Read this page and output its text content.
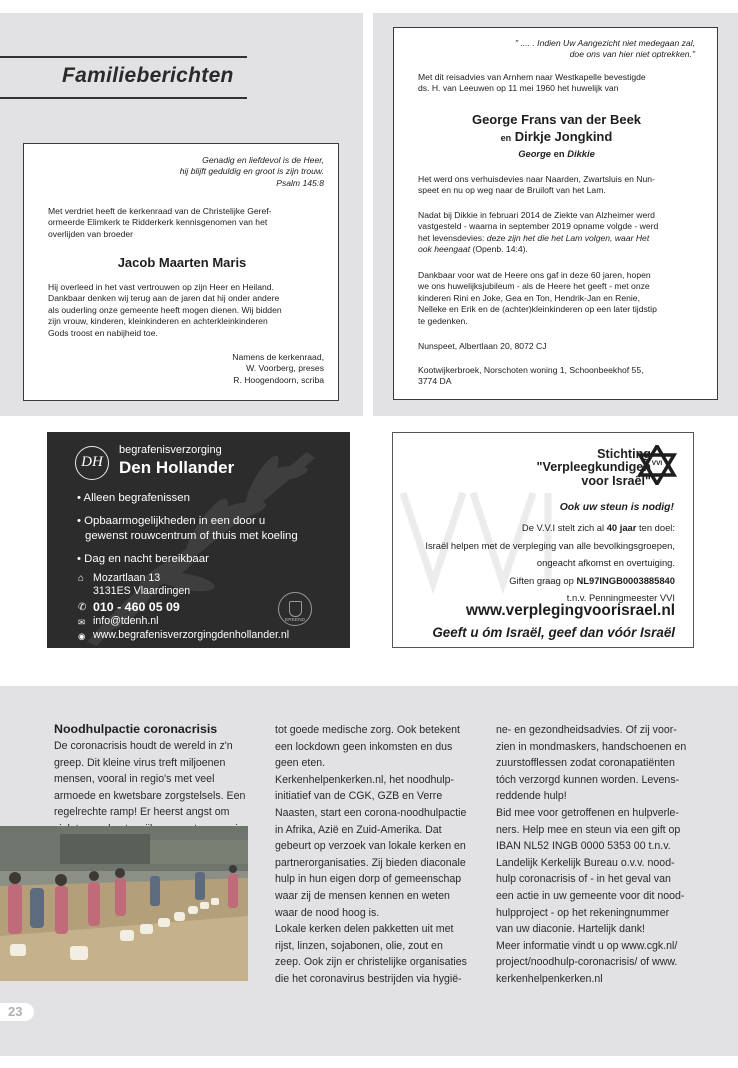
Familieberichten
Genadig en liefdevol is de Heer,
hij blijft geduldig en groot is zijn trouw.
Psalm 145:8
Met verdriet heeft de kerkenraad van de Christelijke Geref-
ormeerde Elimkerk te Ridderkerk kennisgenomen van het
overlijden van broeder
Jacob Maarten Maris
Hij overleed in het vast vertrouwen op zijn Heer en Heiland.
Dankbaar denken wij terug aan de jaren dat hij onder andere
als ouderling onze gemeente heeft mogen dienen. Wij bidden
zijn vrouw, kinderen, kleinkinderen en achterkleinkinderen
Gods troost en nabijheid toe.
Namens de kerkenraad,
W. Voorberg, preses
R. Hoogendoorn, scriba
" .... . Indien Uw Aangezicht niet medegaan zal,
doe ons van hier niet optrekken."
Met dit reisadvies van Arnhem naar Westkapelle bevestigde
ds. H. van Leeuwen op 11 mei 1960 het huwelijk van
George Frans van der Beek
en Dirkje Jongkind
George en Dikkie
Het werd ons verhuisdevies naar Naarden, Zwartsluis en Nun-
speet en nu op weg naar de Bruiloft van het Lam.
Nadat bij Dikkie in februari 2014 de Ziekte van Alzheimer werd
vastgesteld - waarna in september 2019 opname volgde - werd
het levensdevies: deze zijn het die het Lam volgen, waar Het
ook heengaat (Openb. 14:4).
Dankbaar voor wat de Heere ons gaf in deze 60 jaren, hopen
we ons huwelijksjubileum - als de Heere het geeft - met onze
kinderen Rini en Joke, Gea en Ton, Hendrik-Jan en Renie,
Nelleke en Erik en de (achter)kleinkinderen op een later tijdstip
te gedenken.
Nunspeet, Albertlaan 20, 8072 CJ
Kootwijkerbroek, Norschoten woning 1, Schoonbeekhof 55,
3774 DA
DH
begrafenisverzorging
Den Hollander
• Alleen begrafenissen
• Opbaarmogelijkheden in een door u
gewenst rouwcentrum of thuis met koeling
• Dag en nacht bereikbaar
⌂ Mozartlaan 13
3131ES Vlaardingen
✆ 010 - 460 05 09
✉ info@tdenh.nl
◉ www.begrafenisverzorgingdenhollander.nl
ERKEND
Stichting
"Verpleegkundigen
voor Israël"
VVI
Ook uw steun is nodig!
De V.V.I stelt zich al 40 jaar ten doel:
Israël helpen met de verpleging van alle bevolkingsgroepen,
ongeacht afkomst en overtuiging.
Giften graag op NL97INGB0003885840
t.n.v. Penningmeester VVI
www.verplegingvoorisrael.nl
Geeft u óm Israël, geef dan vóór Israël
Noodhulpactie coronacrisis
De coronacrisis houdt de wereld in z'n
greep. Dit kleine virus treft miljoenen
mensen, vooral in regio's met veel
armoede en kwetsbare zorgstelsels. Een
regelrechte ramp! Er heerst angst om
tot goede medische zorg. Ook betekent
een lockdown geen inkomsten en dus
geen eten.
Kerkenhelpenkerken.nl, het noodhulp-
initiatief van de CGK, GZB en Verre
Naasten, start een corona-noodhulpactie
in Afrika, Azië en Zuid-Amerika. Dat
gebeurt op verzoek van lokale kerken en
partnerorganisaties. Zij bieden diaconale
hulp in hun eigen dorp of gemeenschap
waar zij de mensen kennen en weten
waar de nood hoog is.
Lokale kerken delen pakketten uit met
rijst, linzen, sojabonen, olie, zout en
zeep. Ook zijn er christelijke organisaties
die het coronavirus bestrijden via hygië-
ne- en gezondheidsadvies. Of zij voor-
zien in mondmaskers, handschoenen en
zuurstofflessen zodat coronapatiënten
tóch verzorgd kunnen worden. Levens-
reddende hulp!
Bid mee voor getroffenen en hulpverle-
ners. Help mee en steun via een gift op
IBAN NL52 INGB 0000 5353 00 t.n.v.
Landelijk Kerkelijk Bureau o.v.v. nood-
hulp coronacrisis of - in het geval van
een actie in uw gemeente voor dit nood-
hulpproject - op het rekeningnummer
van uw diaconie. Hartelijk dank!
Meer informatie vindt u op www.cgk.nl/
project/noodhulp-coronacrisis/ of www.
kerkenhelpenkerken.nl
23
